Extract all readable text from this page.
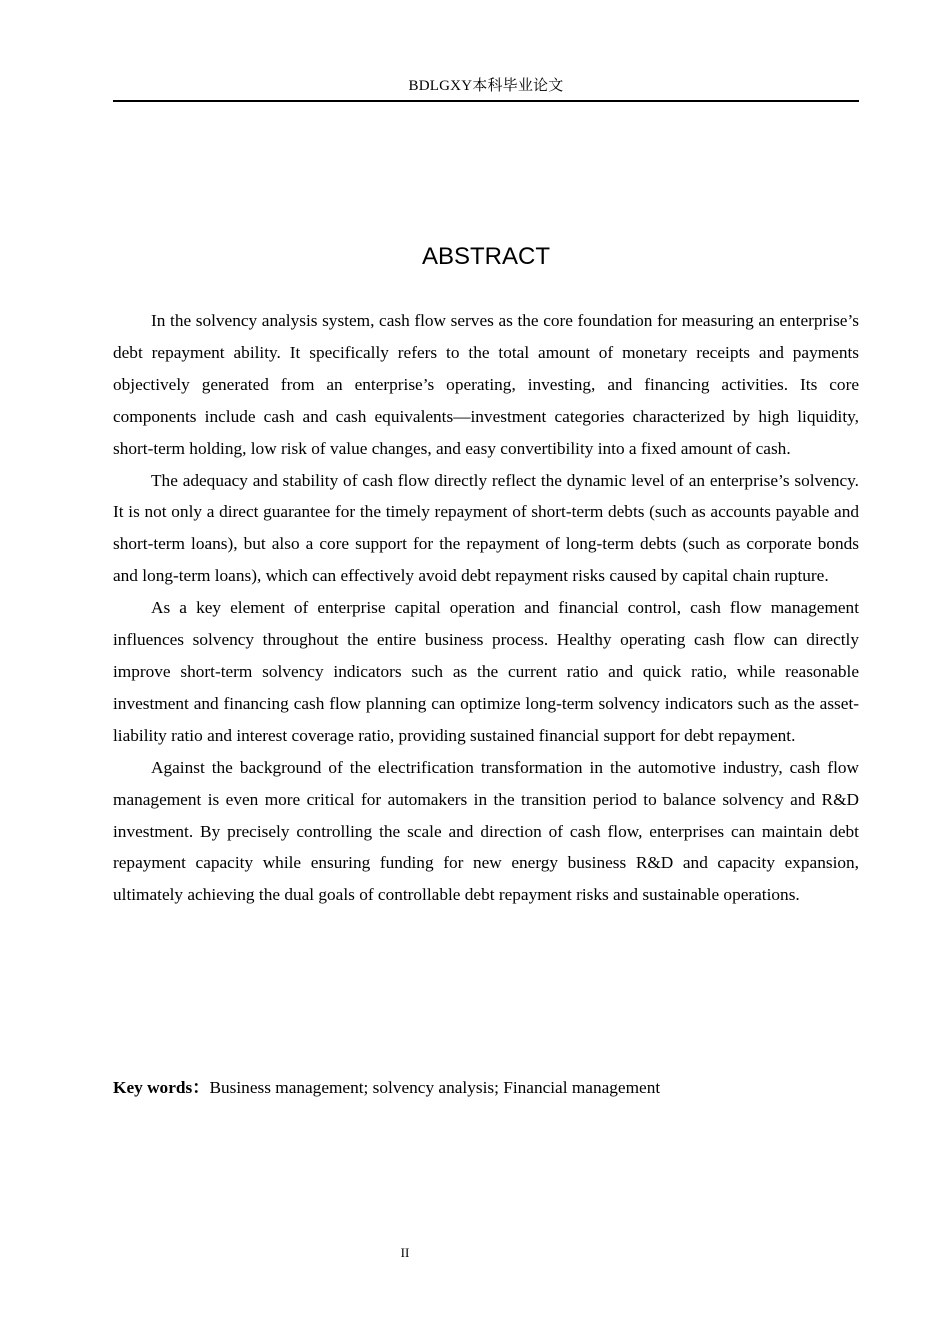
BDLGXY本科毕业论文
ABSTRACT

In the solvency analysis system, cash flow serves as the core foundation for measuring an enterprise’s debt repayment ability. It specifically refers to the total amount of monetary receipts and payments objectively generated from an enterprise’s operating, investing, and financing activities. Its core components include cash and cash equivalents—investment categories characterized by high liquidity, short-term holding, low risk of value changes, and easy convertibility into a fixed amount of cash.

The adequacy and stability of cash flow directly reflect the dynamic level of an enterprise’s solvency. It is not only a direct guarantee for the timely repayment of short-term debts (such as accounts payable and short-term loans), but also a core support for the repayment of long-term debts (such as corporate bonds and long-term loans), which can effectively avoid debt repayment risks caused by capital chain rupture.

As a key element of enterprise capital operation and financial control, cash flow management influences solvency throughout the entire business process. Healthy operating cash flow can directly improve short-term solvency indicators such as the current ratio and quick ratio, while reasonable investment and financing cash flow planning can optimize long-term solvency indicators such as the asset-liability ratio and interest coverage ratio, providing sustained financial support for debt repayment.

Against the background of the electrification transformation in the automotive industry, cash flow management is even more critical for automakers in the transition period to balance solvency and R&D investment. By precisely controlling the scale and direction of cash flow, enterprises can maintain debt repayment capacity while ensuring funding for new energy business R&D and capacity expansion, ultimately achieving the dual goals of controllable debt repayment risks and sustainable operations.

Key words：Business management; solvency analysis; Financial management

II
